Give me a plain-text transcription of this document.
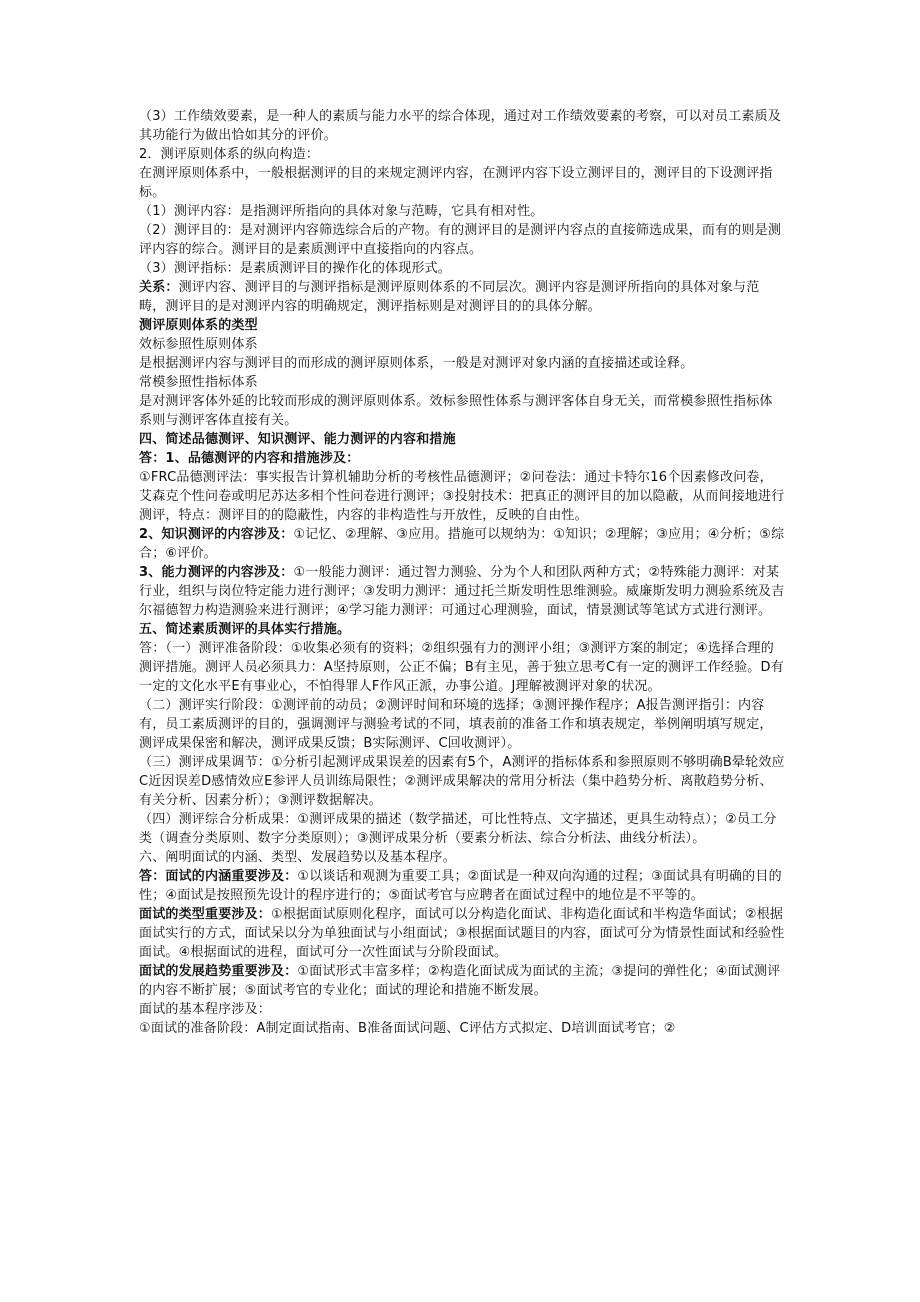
（3）工作绩效要素，是一种人的素质与能力水平的综合体现，通过对工作绩效要素的考察，可以对员工素质及其功能行为做出恰如其分的评价。

2．测评原则体系的纵向构造：

在测评原则体系中，一般根据测评的目的来规定测评内容，在测评内容下设立测评目的，测评目的下设测评指标。

（1）测评内容：是指测评所指向的具体对象与范畴，它具有相对性。

（2）测评目的：是对测评内容筛选综合后的产物。有的测评目的是测评内容点的直接筛选成果，而有的则是测评内容的综合。测评目的是素质测评中直接指向的内容点。

（3）测评指标：是素质测评目的操作化的体现形式。

关系：测评内容、测评目的与测评指标是测评原则体系的不同层次。测评内容是测评所指向的具体对象与范畴，测评目的是对测评内容的明确规定，测评指标则是对测评目的的具体分解。

测评原则体系的类型

效标参照性原则体系

是根据测评内容与测评目的而形成的测评原则体系，一般是对测评对象内涵的直接描述或诠释。

常模参照性指标体系

是对测评客体外延的比较而形成的测评原则体系。效标参照性体系与测评客体自身无关，而常模参照性指标体系则与测评客体直接有关。

四、简述品德测评、知识测评、能力测评的内容和措施

答：1、品德测评的内容和措施涉及：

①FRC品德测评法：事实报告计算机辅助分析的考核性品德测评；②问卷法：通过卡特尔16个因素修改问卷，艾森克个性问卷或明尼苏达多相个性问卷进行测评；③投射技术：把真正的测评目的加以隐蔽，从而间接地进行测评，特点：测评目的的隐蔽性，内容的非构造性与开放性，反映的自由性。

2、知识测评的内容涉及：①记忆、②理解、③应用。措施可以规纳为：①知识；②理解；③应用；④分析；⑤综合；⑥评价。

3、能力测评的内容涉及：①一般能力测评：通过智力测验、分为个人和团队两种方式；②特殊能力测评：对某行业，组织与岗位特定能力进行测评；③发明力测评：通过托兰斯发明性思维测验。威廉斯发明力测验系统及吉尔福德智力构造测验来进行测评；④学习能力测评：可通过心理测验，面试，情景测试等笔试方式进行测评。

五、简述素质测评的具体实行措施。

答：（一）测评准备阶段：①收集必须有的资料；②组织强有力的测评小组；③测评方案的制定；④选择合理的测评措施。测评人员必须具力：A坚持原则，公正不偏；B有主见，善于独立思考C有一定的测评工作经验。D有一定的文化水平E有事业心，不怕得罪人F作风正派，办事公道。J理解被测评对象的状况。

（二）测评实行阶段：①测评前的动员；②测评时间和环境的选择；③测评操作程序；A报告测评指引：内容有，员工素质测评的目的，强调测评与测验考试的不同，填表前的准备工作和填表规定，举例阐明填写规定，测评成果保密和解决，测评成果反馈；B实际测评、C回收测评）。

（三）测评成果调节：①分析引起测评成果误差的因素有5个，A测评的指标体系和参照原则不够明确B晕轮效应C近因误差D感情效应E参评人员训练局限性；②测评成果解决的常用分析法（集中趋势分析、离散趋势分析、有关分析、因素分析）；③测评数据解决。

（四）测评综合分析成果：①测评成果的描述（数学描述，可比性特点、文字描述，更具生动特点）；②员工分类（调查分类原则、数字分类原则）；③测评成果分析（要素分析法、综合分析法、曲线分析法）。

六、阐明面试的内涵、类型、发展趋势以及基本程序。

答：面试的内涵重要涉及：①以谈话和观测为重要工具；②面试是一种双向沟通的过程；③面试具有明确的目的性；④面试是按照预先设计的程序进行的；⑤面试考官与应聘者在面试过程中的地位是不平等的。

面试的类型重要涉及：①根据面试原则化程序，面试可以分构造化面试、非构造化面试和半构造华面试；②根据面试实行的方式，面试呆以分为单独面试与小组面试；③根据面试题目的内容，面试可分为情景性面试和经验性面试。④根据面试的进程，面试可分一次性面试与分阶段面试。

面试的发展趋势重要涉及：①面试形式丰富多样；②构造化面试成为面试的主流；③提问的弹性化；④面试测评的内容不断扩展；⑤面试考官的专业化；面试的理论和措施不断发展。

面试的基本程序涉及：

①面试的准备阶段：A制定面试指南、B准备面试问题、C评估方式拟定、D培训面试考官；②
